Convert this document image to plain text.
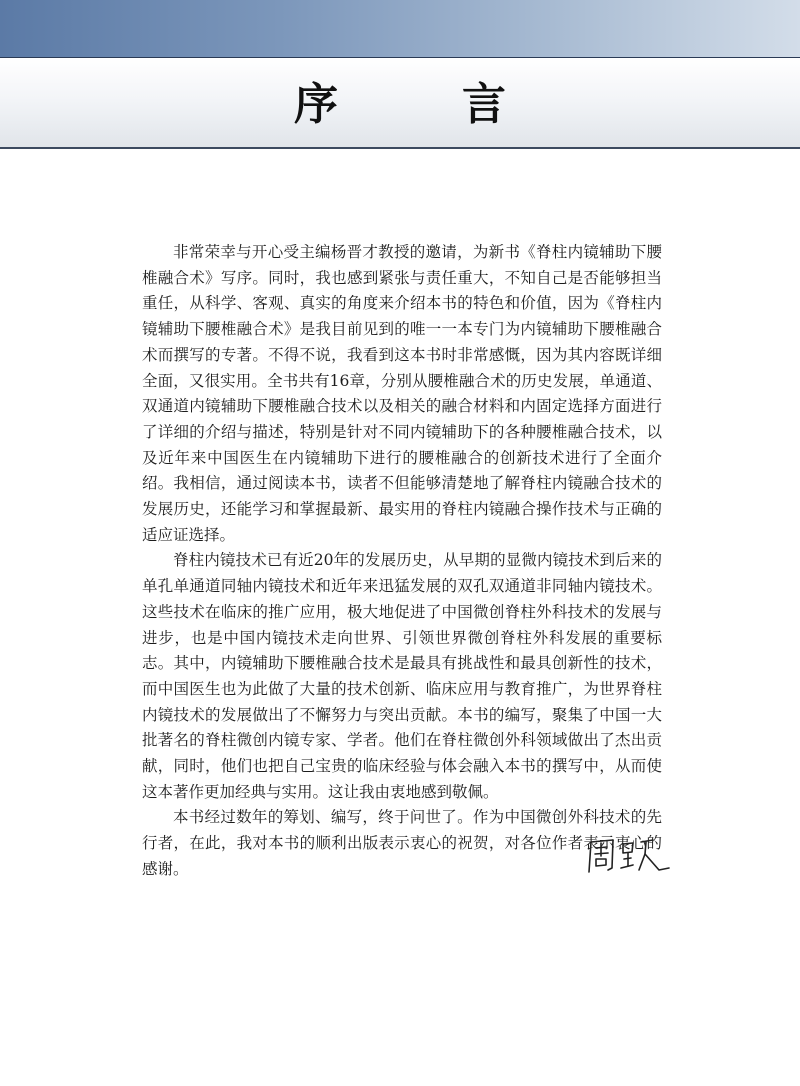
序　言

非常荣幸与开心受主编杨晋才教授的邀请，为新书《脊柱内镜辅助下腰椎融合术》写序。同时，我也感到紧张与责任重大，不知自己是否能够担当重任，从科学、客观、真实的角度来介绍本书的特色和价值，因为《脊柱内镜辅助下腰椎融合术》是我目前见到的唯一一本专门为内镜辅助下腰椎融合术而撰写的专著。不得不说，我看到这本书时非常感慨，因为其内容既详细全面，又很实用。全书共有16章，分别从腰椎融合术的历史发展，单通道、双通道内镜辅助下腰椎融合技术以及相关的融合材料和内固定选择方面进行了详细的介绍与描述，特别是针对不同内镜辅助下的各种腰椎融合技术，以及近年来中国医生在内镜辅助下进行的腰椎融合的创新技术进行了全面介绍。我相信，通过阅读本书，读者不但能够清楚地了解脊柱内镜融合技术的发展历史，还能学习和掌握最新、最实用的脊柱内镜融合操作技术与正确的适应证选择。

脊柱内镜技术已有近20年的发展历史，从早期的显微内镜技术到后来的单孔单通道同轴内镜技术和近年来迅猛发展的双孔双通道非同轴内镜技术。这些技术在临床的推广应用，极大地促进了中国微创脊柱外科技术的发展与进步，也是中国内镜技术走向世界、引领世界微创脊柱外科发展的重要标志。其中，内镜辅助下腰椎融合技术是最具有挑战性和最具创新性的技术，而中国医生也为此做了大量的技术创新、临床应用与教育推广，为世界脊柱内镜技术的发展做出了不懈努力与突出贡献。本书的编写，聚集了中国一大批著名的脊柱微创内镜专家、学者。他们在脊柱微创外科领域做出了杰出贡献，同时，他们也把自己宝贵的临床经验与体会融入本书的撰写中，从而使这本著作更加经典与实用。这让我由衷地感到敬佩。

本书经过数年的筹划、编写，终于问世了。作为中国微创外科技术的先行者，在此，我对本书的顺利出版表示衷心的祝贺，对各位作者表示衷心的感谢。
